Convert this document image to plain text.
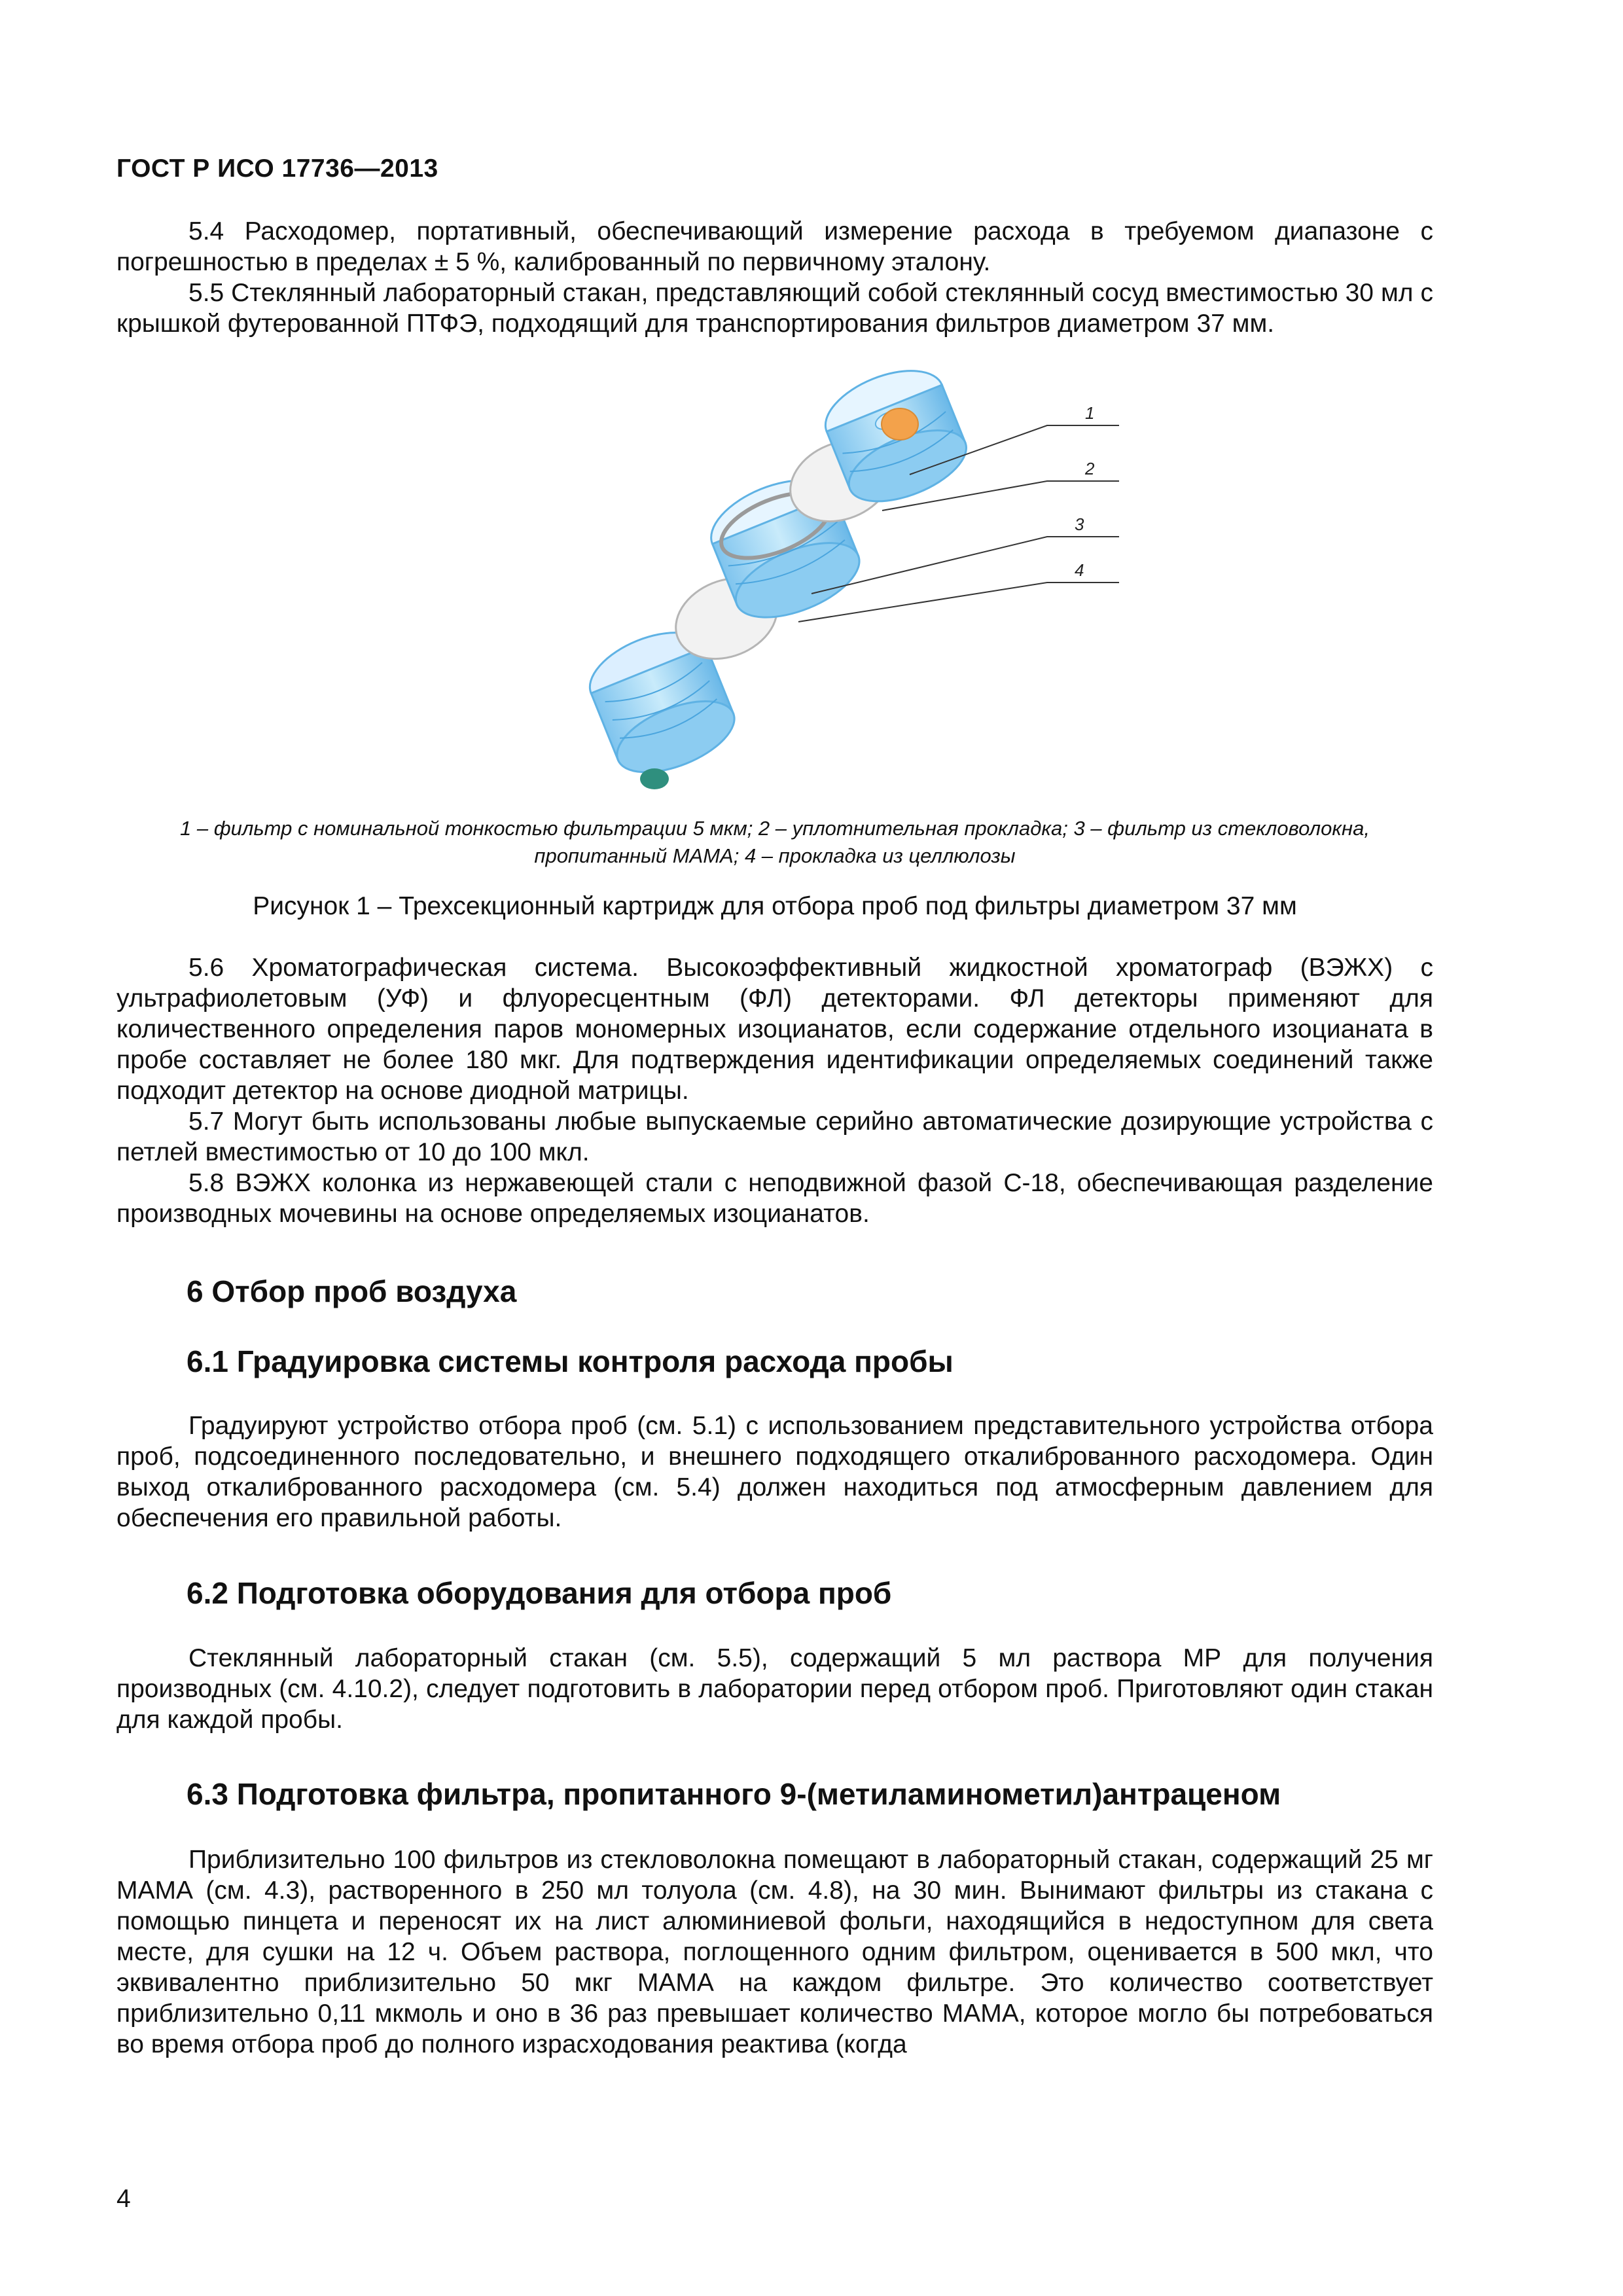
ГОСТ Р ИСО 17736—2013

5.4 Расходомер, портативный, обеспечивающий измерение расхода в требуемом диапазоне с погрешностью в пределах ± 5 %, калиброванный по первичному эталону.

5.5 Стеклянный лабораторный стакан, представляющий собой стеклянный сосуд вместимостью 30 мл с крышкой футерованной ПТФЭ, подходящий для транспортирования фильтров диаметром 37 мм.

1
2
3
4
1 – фильтр с номинальной тонкостью фильтрации 5 мкм; 2 – уплотнительная прокладка; 3 – фильтр из стекловолокна, пропитанный МАМА; 4 – прокладка из целлюлозы
Рисунок 1 – Трехсекционный картридж для отбора проб под фильтры диаметром 37 мм

5.6 Хроматографическая система. Высокоэффективный жидкостной хроматограф (ВЭЖХ) с ультрафиолетовым (УФ) и флуоресцентным (ФЛ) детекторами. ФЛ детекторы применяют для количественного определения паров мономерных изоцианатов, если содержание отдельного изоцианата в пробе составляет не более 180 мкг. Для подтверждения идентификации определяемых соединений также подходит детектор на основе диодной матрицы.

5.7 Могут быть использованы любые выпускаемые серийно автоматические дозирующие устройства с петлей вместимостью от 10 до 100 мкл.

5.8 ВЭЖХ колонка из нержавеющей стали с неподвижной фазой С-18, обеспечивающая разделение производных мочевины на основе определяемых изоцианатов.

6 Отбор проб воздуха
6.1 Градуировка системы контроля расхода пробы

Градуируют устройство отбора проб (см. 5.1) с использованием представительного устройства отбора проб, подсоединенного последовательно, и внешнего подходящего откалиброванного расходомера. Один выход откалиброванного расходомера (см. 5.4) должен находиться под атмосферным давлением для обеспечения его правильной работы.

6.2 Подготовка оборудования для отбора проб

Стеклянный лабораторный стакан (см. 5.5), содержащий 5 мл раствора МР для получения производных (см. 4.10.2), следует подготовить в лаборатории перед отбором проб. Приготовляют один стакан для каждой пробы.

6.3 Подготовка фильтра, пропитанного 9-(метиламинометил)антраценом

Приблизительно 100 фильтров из стекловолокна помещают в лабораторный стакан, содержащий 25 мг МАМА (см. 4.3), растворенного в 250 мл толуола (см. 4.8), на 30 мин. Вынимают фильтры из стакана с помощью пинцета и переносят их на лист алюминиевой фольги, находящийся в недоступном для света месте, для сушки на 12 ч. Объем раствора, поглощенного одним фильтром, оценивается в 500 мкл, что эквивалентно приблизительно 50 мкг МАМА на каждом фильтре. Это количество соответствует приблизительно 0,11 мкмоль и оно в 36 раз превышает количество МАМА, которое могло бы потребоваться во время отбора проб до полного израсходования реактива (когда

4
